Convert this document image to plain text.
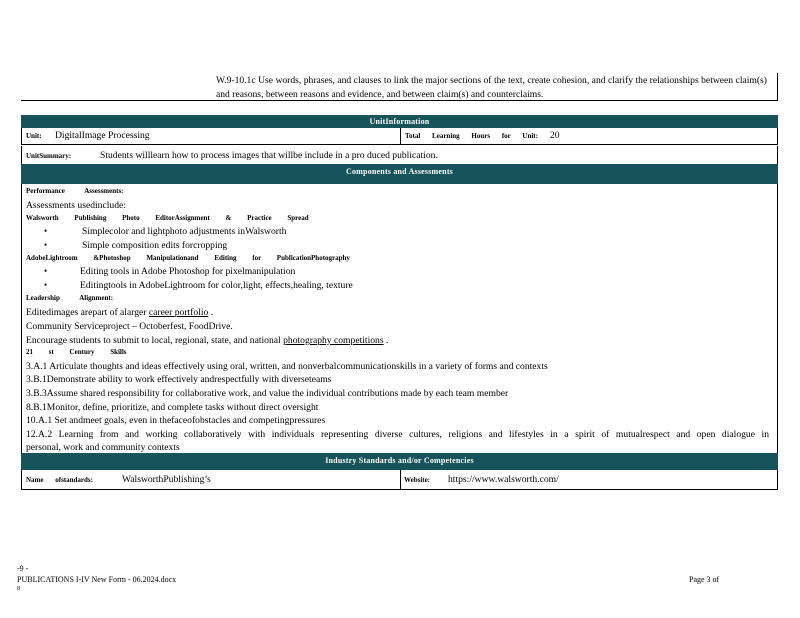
W.9-10.1c Use words, phrases, and clauses to link the major sections of the text, create cohesion, and clarify the relationships between claim(s) and reasons, between reasons and evidence, and between claim(s) and counterclaims.
UnitInformation
Unit: DigitalImage Processing	Total Learning Hours for Unit: 20
UnitSummary:	Students willlearn how to process images that willbe include in a pro duced publication.
Components and Assessments
Performance Assessments:
Assessments usedinclude:
Walsworth Publishing Photo EditorAssignment & Practice Spread
•	Simplecolor and lightphoto adjustments inWalsworth
•	Simple composition edits forcropping
AdobeLightroom &Photoshop Manipulationand Editing for PublicationPhotography
•	Editing tools in Adobe Photoshop for pixelmanipulation
•	Editingtools in AdobeLightroom for color,light, effects,healing, texture
Leadership Alignment:
Editedimages arepart of alarger career portfolio .
Community Serviceproject – Octoberfest, FoodDrive.
Encourage students to submit to local, regional, state, and national photography competitions .
21 st Century Skills
3.A.1 Articulate thoughts and ideas effectively using oral, written, and nonverbalcommunicationskills in a variety of forms and contexts
3.B.1Demonstrate ability to work effectively andrespectfully with diverseteams
3.B.3Assume shared responsibility for collaborative work, and value the individual contributions made by each team member
8.B.1Monitor, define, prioritize, and complete tasks without direct oversight
10.A.1 Set andmeet goals, even in thefaceofobstacles and competingpressures
12.A.2 Learning from and working collaboratively with individuals representing diverse cultures, religions and lifestyles in a spirit of mutualrespect and open dialogue in
personal, work and community contexts
Industry Standards and/or Competencies
Name ofstandards:	WalsworthPublishing’s	Website: https://www.walsworth.com/
-9 -
PUBLICATIONS I-IV New Form - 06.2024.docx
8
Page 3 of
